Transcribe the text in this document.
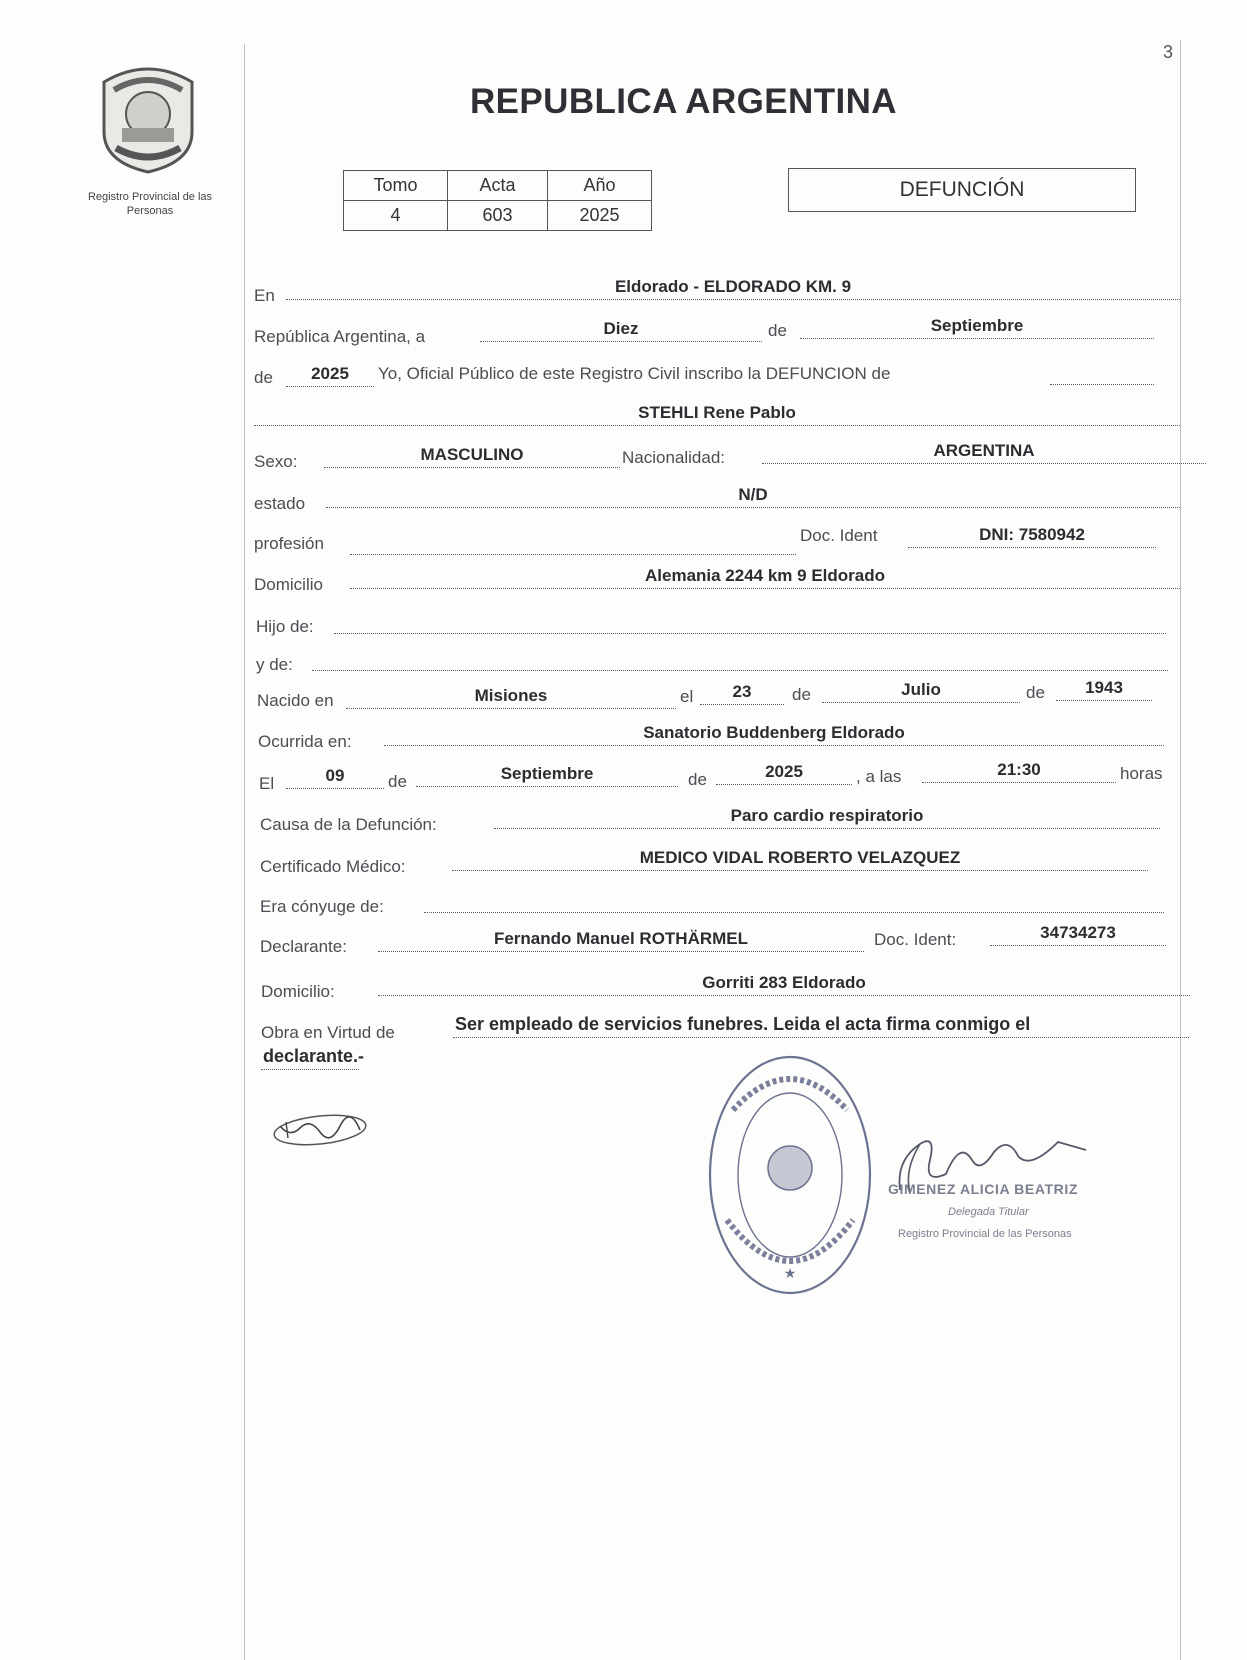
3
Registro Provincial de las Personas
REPUBLICA ARGENTINA
Tomo	Acta	Año
4	603	2025
DEFUNCIÓN
En	Eldorado - ELDORADO KM. 9
República Argentina, a	Diez	de	Septiembre
de	2025	Yo, Oficial Público de este Registro Civil inscribo la DEFUNCION de
STEHLI Rene Pablo
Sexo:	MASCULINO	Nacionalidad:	ARGENTINA
estado	N/D
profesión	Doc. Ident	DNI: 7580942
Domicilio	Alemania 2244 km 9 Eldorado
Hijo de:
y de:
Nacido en	Misiones	el	23	de	Julio	de	1943
Ocurrida en:	Sanatorio Buddenberg Eldorado
El	09	de	Septiembre	de	2025	, a las	21:30	horas
Causa de la Defunción:	Paro cardio respiratorio
Certificado Médico:	MEDICO VIDAL ROBERTO VELAZQUEZ
Era cónyuge de:
Declarante:	Fernando Manuel ROTHÄRMEL	Doc. Ident:	34734273
Domicilio:	Gorriti 283 Eldorado
Obra en Virtud de	Ser empleado de servicios funebres. Leida el acta firma conmigo el
declarante.-
★
GIMENEZ ALICIA BEATRIZ
Delegada Titular
Registro Provincial de las Personas
